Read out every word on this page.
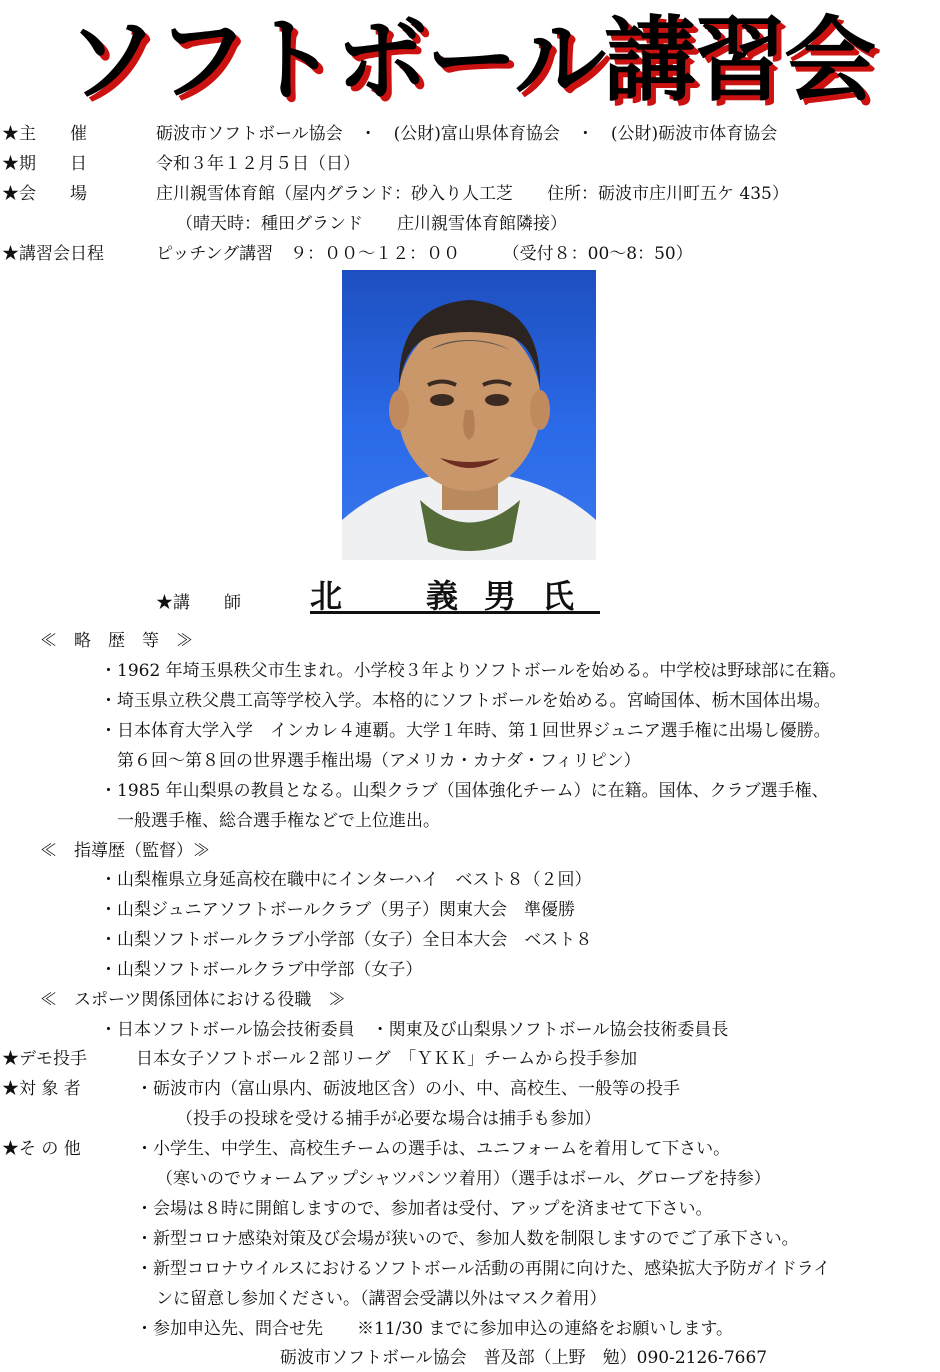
ソフトボール講習会
★主　　催	砺波市ソフトボール協会　・　(公財)富山県体育協会　・　(公財)砺波市体育協会
★期　　日	令和３年１２月５日（日）
★会　　場	庄川親雪体育館（屋内グランド：砂入り人工芝　　住所：砺波市庄川町五ケ 435）
（晴天時：種田グランド　　庄川親雪体育館隣接）
★講習会日程	ピッチング講習　９：００～１２：００　　　（受付８：00～8：50）
★講　　師 北　義男氏
≪　略　歴　等　≫
・1962 年埼玉県秩父市生まれ。小学校３年よりソフトボールを始める。中学校は野球部に在籍。
・埼玉県立秩父農工高等学校入学。本格的にソフトボールを始める。宮崎国体、栃木国体出場。
・日本体育大学入学　インカレ４連覇。大学１年時、第１回世界ジュニア選手権に出場し優勝。
　第６回～第８回の世界選手権出場（アメリカ・カナダ・フィリピン）
・1985 年山梨県の教員となる。山梨クラブ（国体強化チーム）に在籍。国体、クラブ選手権、
　一般選手権、総合選手権などで上位進出。
≪　指導歴（監督）≫
・山梨権県立身延高校在職中にインターハイ　ベスト８（２回）
・山梨ジュニアソフトボールクラブ（男子）関東大会　準優勝
・山梨ソフトボールクラブ小学部（女子）全日本大会　ベスト８
・山梨ソフトボールクラブ中学部（女子）
≪　スポーツ関係団体における役職　≫
・日本ソフトボール協会技術委員　・関東及び山梨県ソフトボール協会技術委員長
★デモ投手	日本女子ソフトボール２部リーグ　「ＹＫＫ」チームから投手参加
★対 象 者	・砺波市内（富山県内、砺波地区含）の小、中、高校生、一般等の投手
（投手の投球を受ける捕手が必要な場合は捕手も参加）
★そ の 他	・小学生、中学生、高校生チームの選手は、ユニフォームを着用して下さい。
（寒いのでウォームアップシャツパンツ着用）（選手はボール、グローブを持参）
・会場は８時に開館しますので、参加者は受付、アップを済ませて下さい。
・新型コロナ感染対策及び会場が狭いので、参加人数を制限しますのでご了承下さい。
・新型コロナウイルスにおけるソフトボール活動の再開に向けた、感染拡大予防ガイドライ
ンに留意し参加ください。（講習会受講以外はマスク着用）
・参加申込先、問合せ先　　※11/30 までに参加申込の連絡をお願いします。
砺波市ソフトボール協会　普及部（上野　勉）090-2126-7667
